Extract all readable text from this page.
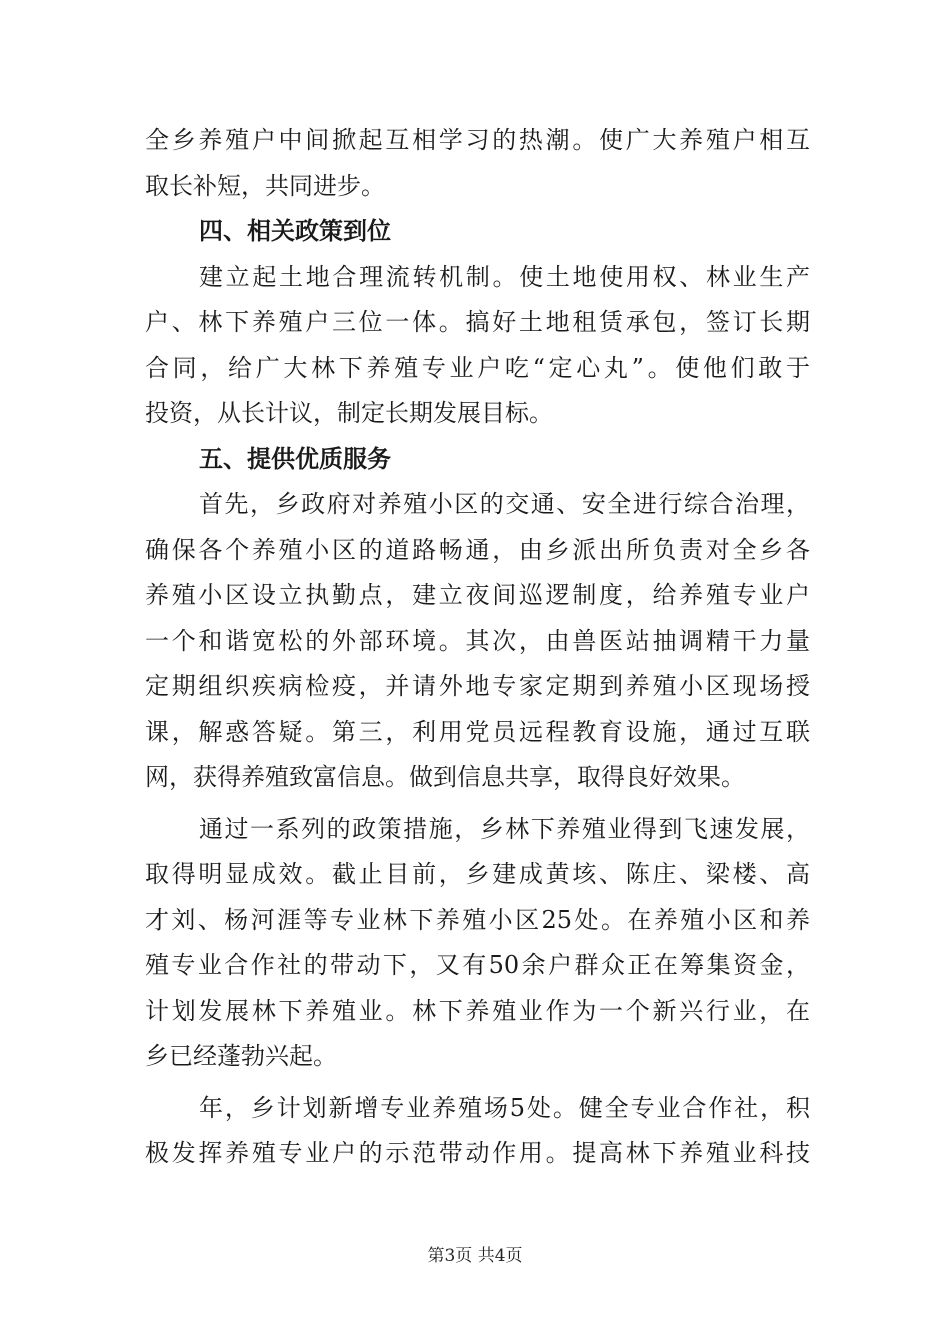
全乡养殖户中间掀起互相学习的热潮。使广大养殖户相互
取长补短，共同进步。
四、相关政策到位
建立起土地合理流转机制。使土地使用权、林业生产
户、林下养殖户三位一体。搞好土地租赁承包，签订长期
合同，给广大林下养殖专业户吃“定心丸”。使他们敢于
投资，从长计议，制定长期发展目标。
五、提供优质服务
首先，乡政府对养殖小区的交通、安全进行综合治理，
确保各个养殖小区的道路畅通，由乡派出所负责对全乡各
养殖小区设立执勤点，建立夜间巡逻制度，给养殖专业户
一个和谐宽松的外部环境。其次，由兽医站抽调精干力量
定期组织疾病检疫，并请外地专家定期到养殖小区现场授
课，解惑答疑。第三，利用党员远程教育设施，通过互联
网，获得养殖致富信息。做到信息共享，取得良好效果。
通过一系列的政策措施，乡林下养殖业得到飞速发展，
取得明显成效。截止目前，乡建成黄垓、陈庄、梁楼、高
才刘、杨河涯等专业林下养殖小区25处。在养殖小区和养
殖专业合作社的带动下，又有50余户群众正在筹集资金，
计划发展林下养殖业。林下养殖业作为一个新兴行业，在
乡已经蓬勃兴起。
年，乡计划新增专业养殖场5处。健全专业合作社，积
极发挥养殖专业户的示范带动作用。提高林下养殖业科技
第3页 共4页
